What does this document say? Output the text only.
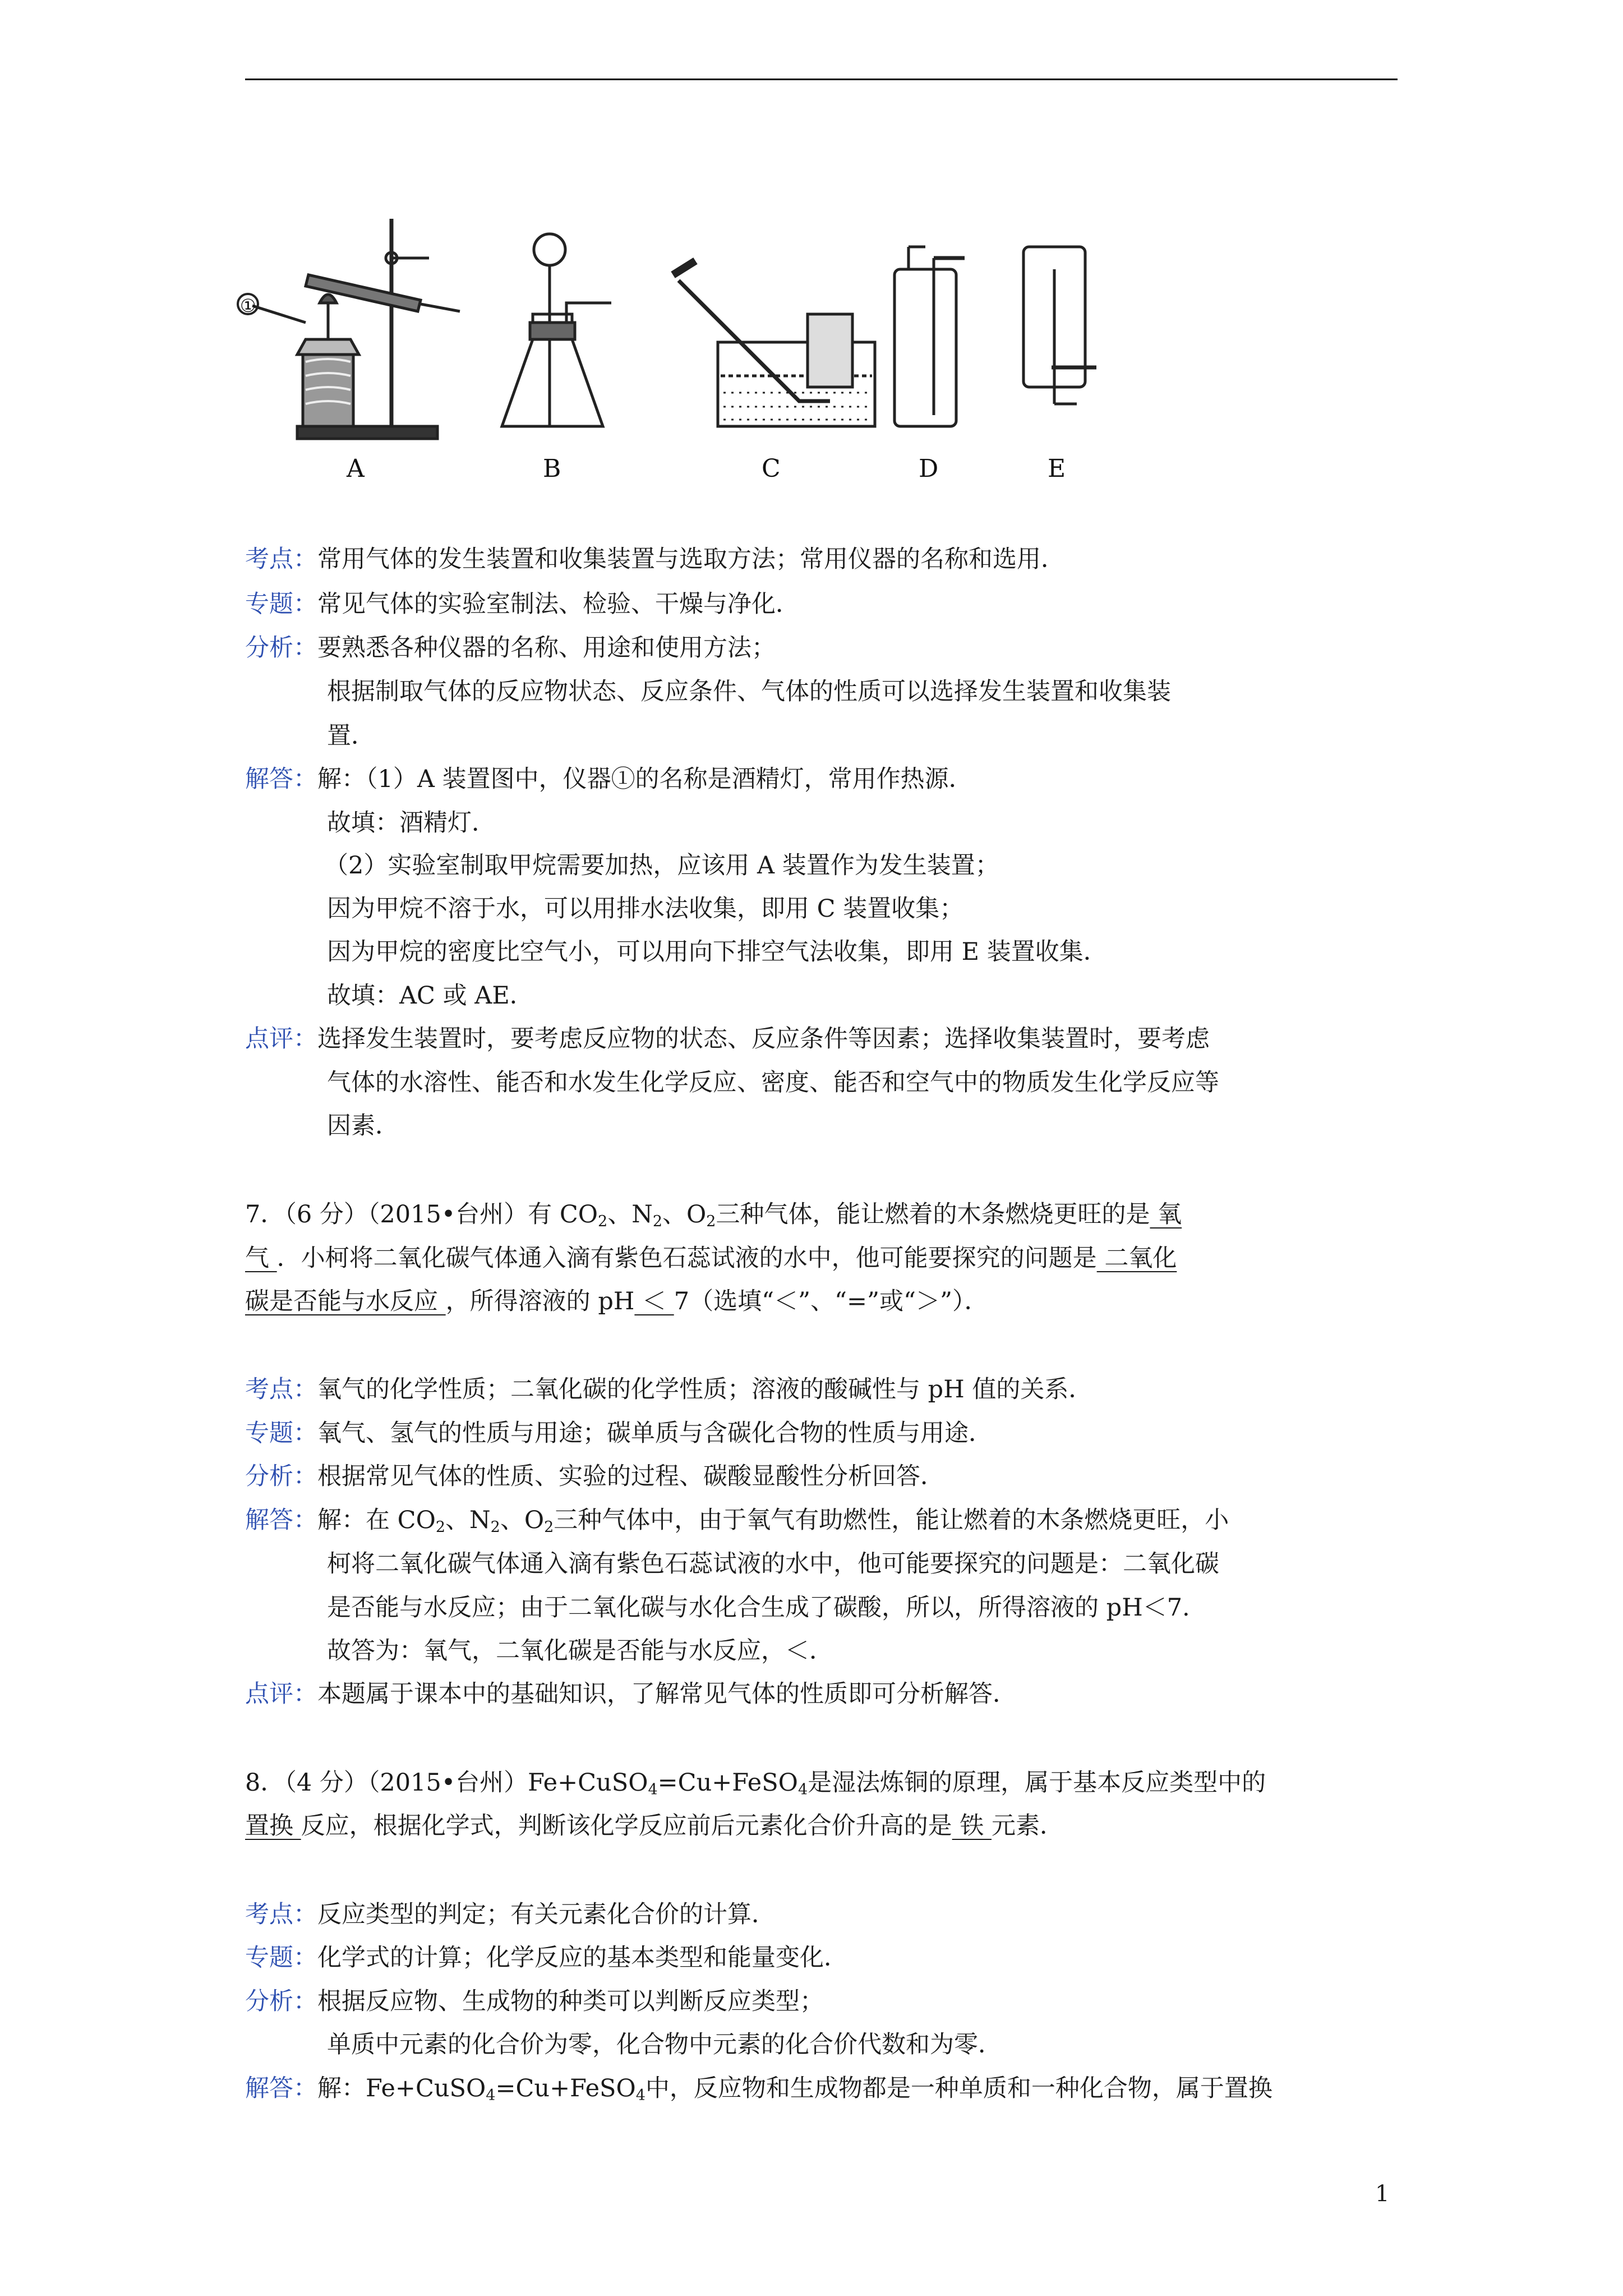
①
A	B	C	D	E
考点：常用气体的发生装置和收集装置与选取方法；常用仪器的名称和选用．
专题：常见气体的实验室制法、检验、干燥与净化．
分析：要熟悉各种仪器的名称、用途和使用方法；
根据制取气体的反应物状态、反应条件、气体的性质可以选择发生装置和收集装
置．
解答：解：（1）A 装置图中，仪器①的名称是酒精灯，常用作热源．
故填：酒精灯．
（2）实验室制取甲烷需要加热，应该用 A 装置作为发生装置；
因为甲烷不溶于水，可以用排水法收集，即用 C 装置收集；
因为甲烷的密度比空气小，可以用向下排空气法收集，即用 E 装置收集．
故填：AC 或 AE．
点评：选择发生装置时，要考虑反应物的状态、反应条件等因素；选择收集装置时，要考虑
气体的水溶性、能否和水发生化学反应、密度、能否和空气中的物质发生化学反应等
因素．
7．（6 分）（2015•台州）有 $CO_2$、$N_2$、$O_2$三种气体，能让燃着的木条燃烧更旺的是 氧
气 ．小柯将二氧化碳气体通入滴有紫色石蕊试液的水中，他可能要探究的问题是 二氧化
碳是否能与水反应 ，所得溶液的 pH ＜ 7（选填“＜”、“=”或“＞”）．
考点：氧气的化学性质；二氧化碳的化学性质；溶液的酸碱性与 pH 值的关系．
专题：氧气、氢气的性质与用途；碳单质与含碳化合物的性质与用途．
分析：根据常见气体的性质、实验的过程、碳酸显酸性分析回答．
解答：解：在 $CO_2$、$N_2$、$O_2$三种气体中，由于氧气有助燃性，能让燃着的木条燃烧更旺，小
柯将二氧化碳气体通入滴有紫色石蕊试液的水中，他可能要探究的问题是：二氧化碳
是否能与水反应；由于二氧化碳与水化合生成了碳酸，所以，所得溶液的 pH＜7.
故答为：氧气，二氧化碳是否能与水反应，＜．
点评：本题属于课本中的基础知识，了解常见气体的性质即可分析解答．
8．（4 分）（2015•台州）Fe+CuSO$_4$=Cu+FeSO$_4$是湿法炼铜的原理，属于基本反应类型中的
置换 反应，根据化学式，判断该化学反应前后元素化合价升高的是 铁 元素．
考点：反应类型的判定；有关元素化合价的计算．
专题：化学式的计算；化学反应的基本类型和能量变化．
分析：根据反应物、生成物的种类可以判断反应类型；
单质中元素的化合价为零，化合物中元素的化合价代数和为零．
解答：解：Fe+CuSO$_4$=Cu+FeSO$_4$中，反应物和生成物都是一种单质和一种化合物，属于置换
1
